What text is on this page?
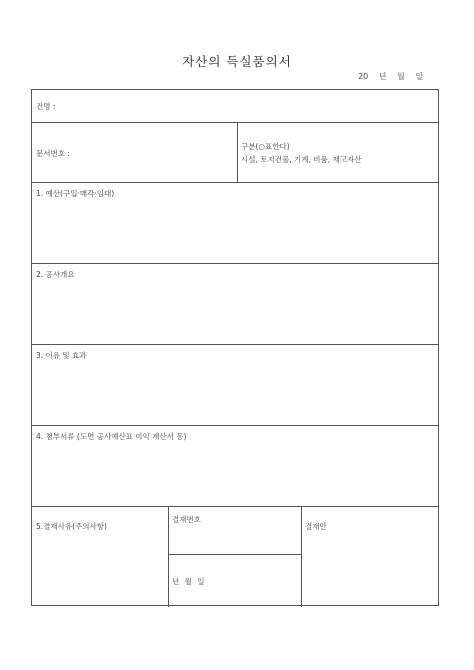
자산의 득실품의서
20 년 월 일
건명 :
문서번호 :
구분(○표한다)
시설, 토지건물, 기계, 비품, 재고자산
1. 예산(구입·매각·임대)
2. 공사개요
3. 이유 및 효과
4. 첨부서류 (도면 공사예산표 이익 계산서 등)
5.결재사유(주의사항)
결재번호
년 월 일
결재안
